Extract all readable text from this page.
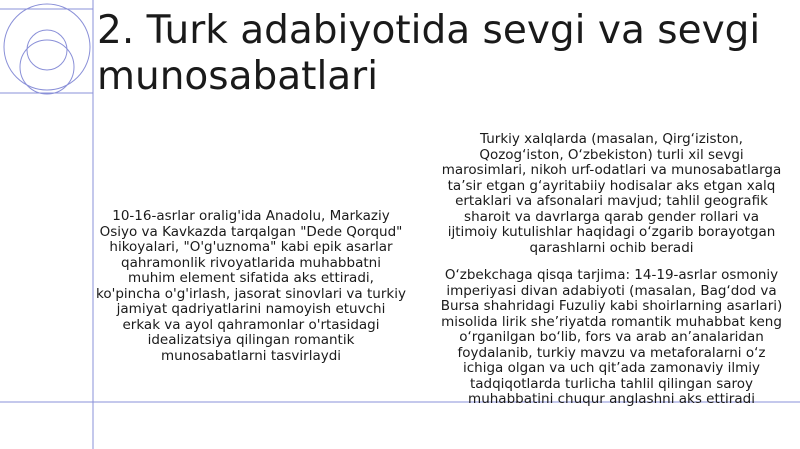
2. Turk adabiyotida sevgi va sevgi munosabatlari

10-16-asrlar oralig'ida Anadolu, Markaziy Osiyo va Kavkazda tarqalgan "Dede Qorqud" hikoyalari, "O'g'uznoma" kabi epik asarlar qahramonlik rivoyatlarida muhabbatni muhim element sifatida aks ettiradi, ko'pincha o'g'irlash, jasorat sinovlari va turkiy jamiyat qadriyatlarini namoyish etuvchi erkak va ayol qahramonlar o'rtasidagi idealizatsiya qilingan romantik munosabatlarni tasvirlaydi

Turkiy xalqlarda (masalan, Qirg‘iziston, Qozog‘iston, O‘zbekiston) turli xil sevgi marosimlari, nikoh urf-odatlari va munosabatlarga ta’sir etgan g‘ayritabiiy hodisalar aks etgan xalq ertaklari va afsonalari mavjud; tahlil geografik sharoit va davrlarga qarab gender rollari va ijtimoiy kutulishlar haqidagi o‘zgarib borayotgan qarashlarni ochib beradi

O‘zbekchaga qisqa tarjima: 14-19-asrlar osmoniy imperiyasi divan adabiyoti (masalan, Bag‘dod va Bursa shahridagi Fuzuliy kabi shoirlarning asarlari) misolida lirik she’riyatda romantik muhabbat keng o‘rganilgan bo‘lib, fors va arab an’analaridan foydalanib, turkiy mavzu va metaforalarni o‘z ichiga olgan va uch qit’ada zamonaviy ilmiy tadqiqotlarda turlicha tahlil qilingan saroy muhabbatini chuqur anglashni aks ettiradi
